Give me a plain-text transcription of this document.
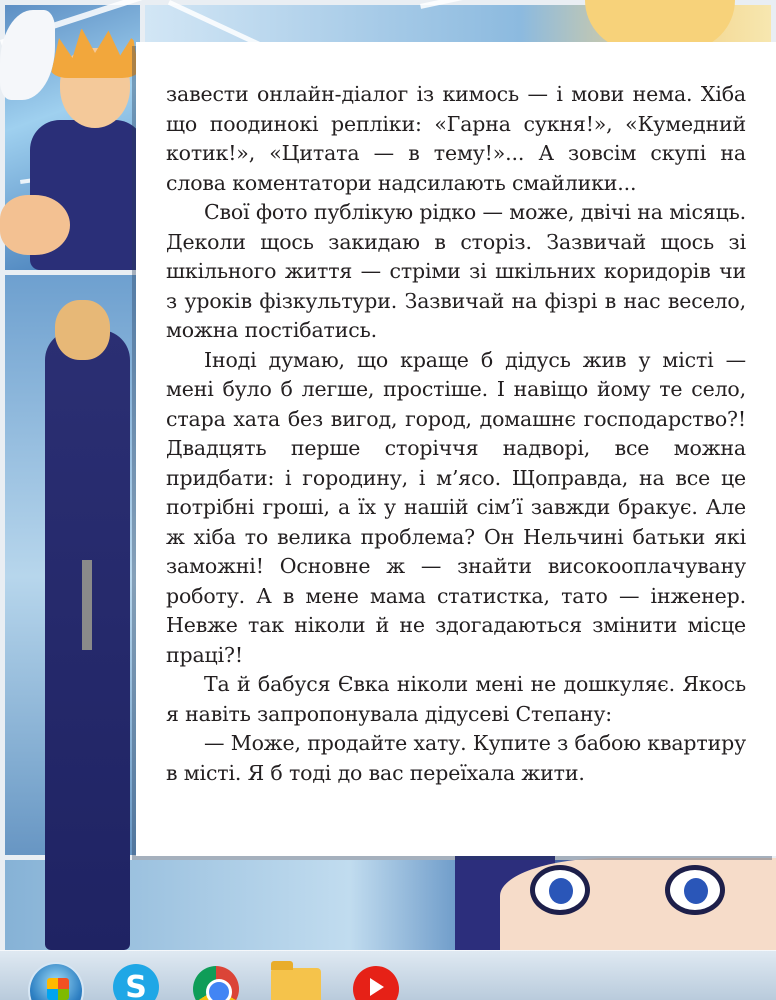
завести онлайн-діалог із кимось — і мови нема. Хіба що поодинокі репліки: «Гарна сукня!», «Кумедний котик!», «Цитата — в тему!»... А зовсім скупі на слова коментатори надсилають смайлики...

Свої фото публікую рідко — може, двічі на місяць. Деколи щось закидаю в сторіз. Зазвичай щось зі шкільного життя — стріми зі шкільних коридорів чи з уроків фізкультури. Зазвичай на фізрі в нас весело, можна постібатись.

Іноді думаю, що краще б дідусь жив у місті — мені було б легше, простіше. І навіщо йому те село, стара хата без вигод, город, домашнє господарство?! Двадцять перше сторіччя надворі, все можна придбати: і городину, і м’ясо. Щоправда, на все це потрібні гроші, а їх у нашій сім’ї завжди бракує. Але ж хіба то велика проблема? Он Нельчині батьки які заможні! Основне ж — знайти високооплачувану роботу. А в мене мама статистка, тато — інженер. Невже так ніколи й не здогадаються змінити місце праці?!

Та й бабуся Євка ніколи мені не дошкуляє. Якось я навіть запропонувала дідусеві Степану:

— Може, продайте хату. Купите з бабою квартиру в місті. Я б тоді до вас переїхала жити.

S
